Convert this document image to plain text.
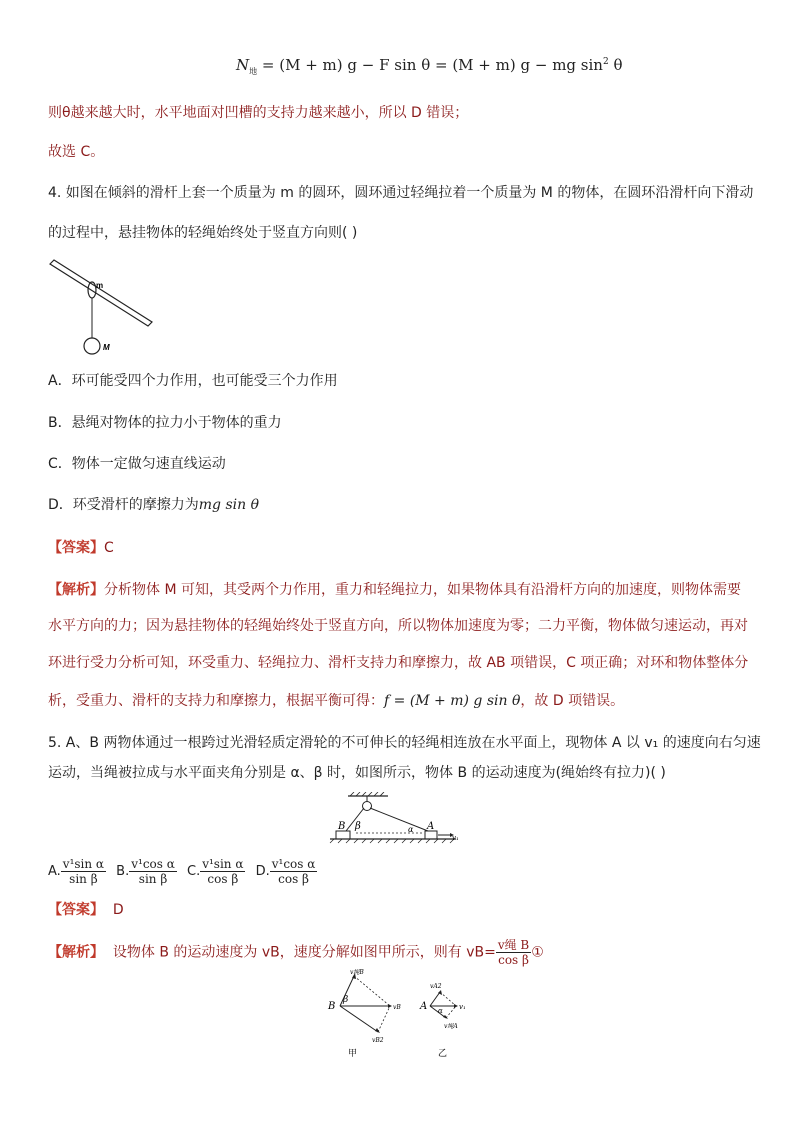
$N_地 = (M + m) g - F$ sin θ = (M + m) g − mg $\sin^2 \theta$
则θ越来越大时，水平地面对凹槽的支持力越来越小，所以 D 错误；
故选 C。
4. 如图在倾斜的滑杆上套一个质量为 m 的圆环，圆环通过轻绳拉着一个质量为 M 的物体，在圆环沿滑杆向下滑动
的过程中，悬挂物体的轻绳始终处于竖直方向则( )
m
M
A．环可能受四个力作用，也可能受三个力作用
B．悬绳对物体的拉力小于物体的重力
C．物体一定做匀速直线运动
D．环受滑杆的摩擦力为mg sin θ
【答案】C
【解析】分析物体 M 可知，其受两个力作用，重力和轻绳拉力，如果物体具有沿滑杆方向的加速度，则物体需要
水平方向的力；因为悬挂物体的轻绳始终处于竖直方向，所以物体加速度为零；二力平衡，物体做匀速运动，再对
环进行受力分析可知，环受重力、轻绳拉力、滑杆支持力和摩擦力，故 AB 项错误，C 项正确；对环和物体整体分
析，受重力、滑杆的支持力和摩擦力，根据平衡可得：f = (M + m) g sin θ，故 D 项错误。
5. A、B 两物体通过一根跨过光滑轻质定滑轮的不可伸长的轻绳相连放在水平面上，现物体 A 以 v₁ 的速度向右匀速
运动，当绳被拉成与水平面夹角分别是 α、β 时，如图所示，物体 B 的运动速度为(绳始终有拉力)( )
B β	α A
v₁
A. $\frac{\text{v¹sin α}}{\text{sin β}} B$. $\frac{\text{v¹cos α}}{\text{sin β}} C$. $\frac{\text{v¹sin α}}{\text{cos β}} D$. $\frac{\text{v¹cos α}}{\text{cos β}}$
【答案】 D
【解析】 设物体 B 的运动速度为 vB，速度分解如图甲所示，则有 $vB= \frac{\text{v绳 B}}{\text{cos β}}$ ①
B
β
vB
v绳B
vB2
甲
A α v₁
vA2
v绳A
乙
